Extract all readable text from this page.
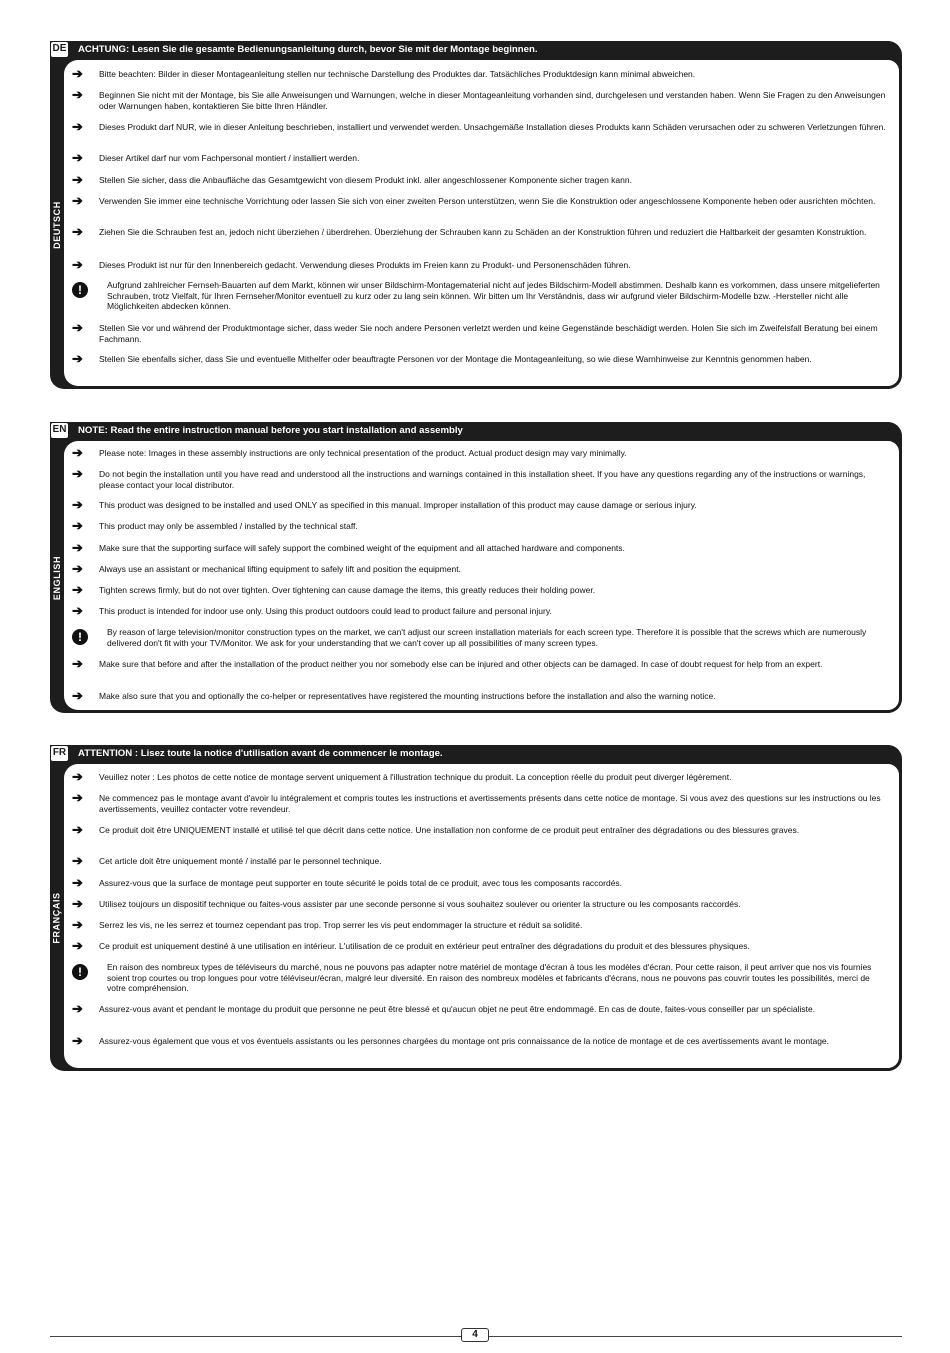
DE ACHTUNG: Lesen Sie die gesamte Bedienungsanleitung durch, bevor Sie mit der Montage beginnen.
DEUTSCH
➔	Bitte beachten: Bilder in dieser Montageanleitung stellen nur technische Darstellung des Produktes dar. Tatsächliches Produktdesign kann minimal abweichen.
➔	Beginnen Sie nicht mit der Montage, bis Sie alle Anweisungen und Warnungen, welche in dieser Montageanleitung vorhanden sind, durchgelesen und verstanden haben. Wenn Sie Fragen zu den Anweisungen oder Warnungen haben, kontaktieren Sie bitte Ihren Händler.
➔	Dieses Produkt darf NUR, wie in dieser Anleitung beschrieben, installiert und verwendet werden. Unsachgemäße Installation dieses Produkts kann Schäden verursachen oder zu schweren Verletzungen führen.
➔	Dieser Artikel darf nur vom Fachpersonal montiert / installiert werden.
➔	Stellen Sie sicher, dass die Anbaufläche das Gesamtgewicht von diesem Produkt inkl. aller angeschlossener Komponente sicher tragen kann.
➔	Verwenden Sie immer eine technische Vorrichtung oder lassen Sie sich von einer zweiten Person unterstützen, wenn Sie die Konstruktion oder angeschlossene Komponente heben oder ausrichten möchten.
➔	Ziehen Sie die Schrauben fest an, jedoch nicht überziehen / überdrehen. Überziehung der Schrauben kann zu Schäden an der Konstruktion führen und reduziert die Haltbarkeit der gesamten Konstruktion.
➔	Dieses Produkt ist nur für den Innenbereich gedacht. Verwendung dieses Produkts im Freien kann zu Produkt- und Personenschäden führen.
!	Aufgrund zahlreicher Fernseh-Bauarten auf dem Markt, können wir unser Bildschirm-Montagematerial nicht auf jedes Bildschirm-Modell abstimmen. Deshalb kann es vorkommen, dass unsere mitgelieferten Schrauben, trotz Vielfalt, für Ihren Fernseher/Monitor eventuell zu kurz oder zu lang sein können. Wir bitten um Ihr Verständnis, dass wir aufgrund vieler Bildschirm-Modelle bzw. -Hersteller nicht alle Möglichkeiten abdecken können.
➔	Stellen Sie vor und während der Produktmontage sicher, dass weder Sie noch andere Personen verletzt werden und keine Gegenstände beschädigt werden. Holen Sie sich im Zweifelsfall Beratung bei einem Fachmann.
➔	Stellen Sie ebenfalls sicher, dass Sie und eventuelle Mithelfer oder beauftragte Personen vor der Montage die Montageanleitung, so wie diese Warnhinweise zur Kenntnis genommen haben.
EN NOTE: Read the entire instruction manual before you start installation and assembly
ENGLISH
➔	Please note: Images in these assembly instructions are only technical presentation of the product. Actual product design may vary minimally.
➔	Do not begin the installation until you have read and understood all the instructions and warnings contained in this installation sheet. If you have any questions regarding any of the instructions or warnings, please contact your local distributor.
➔	This product was designed to be installed and used ONLY as specified in this manual. Improper installation of this product may cause damage or serious injury.
➔	This product may only be assembled / installed by the technical staff.
➔	Make sure that the supporting surface will safely support the combined weight of the equipment and all attached hardware and components.
➔	Always use an assistant or mechanical lifting equipment to safely lift and position the equipment.
➔	Tighten screws firmly, but do not over tighten. Over tightening can cause damage the items, this greatly reduces their holding power.
➔	This product is intended for indoor use only. Using this product outdoors could lead to product failure and personal injury.
!	By reason of large television/monitor construction types on the market, we can't adjust our screen installation materials for each screen type. Therefore it is possible that the screws which are numerously delivered don't fit with your TV/Monitor. We ask for your understanding that we can't cover up all possibilities of many screen types.
➔	Make sure that before and after the installation of the product neither you nor somebody else can be injured and other objects can be damaged. In case of doubt request for help from an expert.
➔	Make also sure that you and optionally the co-helper or representatives have registered the mounting instructions before the installation and also the warning notice.
FR ATTENTION : Lisez toute la notice d'utilisation avant de commencer le montage.
FRANÇAIS
➔	Veuillez noter : Les photos de cette notice de montage servent uniquement à l'illustration technique du produit. La conception réelle du produit peut diverger légèrement.
➔	Ne commencez pas le montage avant d'avoir lu intégralement et compris toutes les instructions et avertissements présents dans cette notice de montage. Si vous avez des questions sur les instructions ou les avertissements, veuillez contacter votre revendeur.
➔	Ce produit doit être UNIQUEMENT installé et utilisé tel que décrit dans cette notice. Une installation non conforme de ce produit peut entraîner des dégradations ou des blessures graves.
➔	Cet article doit être uniquement monté / installé par le personnel technique.
➔	Assurez-vous que la surface de montage peut supporter en toute sécurité le poids total de ce produit, avec tous les composants raccordés.
➔	Utilisez toujours un dispositif technique ou faites-vous assister par une seconde personne si vous souhaitez soulever ou orienter la structure ou les composants raccordés.
➔	Serrez les vis, ne les serrez et tournez cependant pas trop. Trop serrer les vis peut endommager la structure et réduit sa solidité.
➔	Ce produit est uniquement destiné à une utilisation en intérieur. L'utilisation de ce produit en extérieur peut entraîner des dégradations du produit et des blessures physiques.
!	En raison des nombreux types de téléviseurs du marché, nous ne pouvons pas adapter notre matériel de montage d'écran à tous les modèles d'écran. Pour cette raison, il peut arriver que nos vis fournies soient trop courtes ou trop longues pour votre téléviseur/écran, malgré leur diversité. En raison des nombreux modèles et fabricants d'écrans, nous ne pouvons pas couvrir toutes les possibilités, merci de votre compréhension.
➔	Assurez-vous avant et pendant le montage du produit que personne ne peut être blessé et qu'aucun objet ne peut être endommagé. En cas de doute, faites-vous conseiller par un spécialiste.
➔	Assurez-vous également que vous et vos éventuels assistants ou les personnes chargées du montage ont pris connaissance de la notice de montage et de ces avertissements avant le montage.
4
